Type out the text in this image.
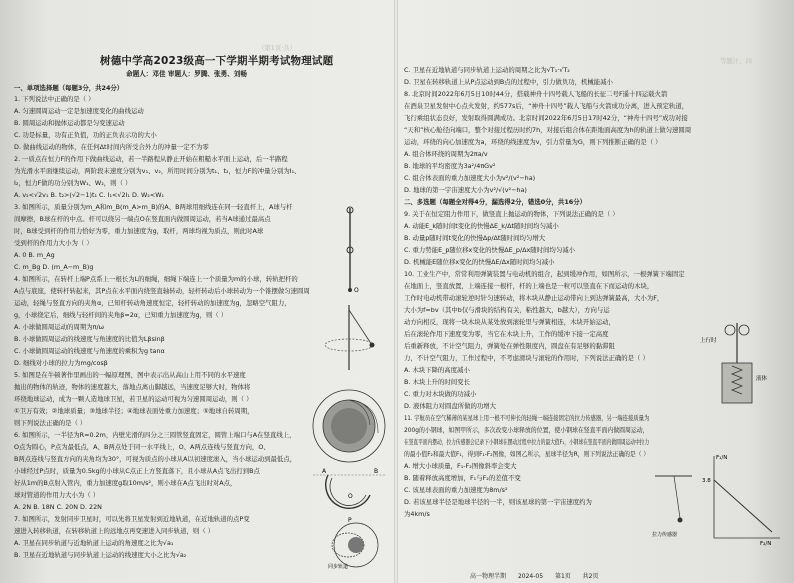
（第1页·共）
树德中学高2023级高一下学期半期考试物理试题
命题人：邓佳 审题人：罗腾、张勇、刘畅
一、单项选择题（每题3分，共24分）
1. 下列说法中正确的是（ ）
A. 匀速圆周运动一定是加速度变化的曲线运动
B. 圆周运动和抛体运动都是匀变速运动
C. 功是标量，功有正负值，功的正负表示功的大小
D. 做曲线运动的物体，在任何Δt时间内所受合外力的冲量一定不为零
2. 一质点在恒力F的作用下做曲线运动，若一半路程从静止开始在粗糙水平面上运动，后一半路程
为光滑水平面继续运动，两阶段末速度分别为v₁、v₂，所用时间分别为t₁、t₂，恒力F的冲量分别为I₁、
I₂，恒力F做的功分别为W₁、W₂，则（ ）
A. v₂<√2v₁ B. t₂>(√2−1)t₁ C. I₁<√2I₁ D. W₂<W₁
3. 如图所示，质量分别为m_A和m_B(m_A>m_B)的A、B两球用细线连在同一轻直杆上，A球与杆
间摩擦，B球在杆的中点。杆可以绕另一端点O在竖直面内做圆周运动，若当A球通过最高点
时，B球受到杆的作用力恰好为零，重力加速度为g，取杆，两球均视为质点，则此时A球
受到杆的作用力大小为（ ）
A. 0 B. m_Ag
C. m_Bg D. (m_A−m_B)g
4. 如图所示，在转杆上端P点系上一根长为L的细绳，细绳下端连上一个质量为m的小球，转轨把杆的
A点与底座，使转杆转起来，其P点在水平面内绕竖直轴转动，轻杆转动后小球转动为一个锥摆做匀速圆周
运动，轻绳与竖直方向的夹角α，已知杆转动角速度恒定，轻杆转动的加速度为g，忽略空气阻力，
g，小球绕定后，细线与轻杆间的夹角β=2α，已知重力加速度为g，则（ ）
A. 小球做圆周运动的周期为π/ω
B. 小球做圆周运动的线速度与角速度的比值为Lβsinβ
C. 小球做圆周运动的线速度与角速度的乘积为g tanα
D. 细线对小球的拉力为mg/cosβ
5. 如图是在牛顿著作里画出的一幅原理图，图中表示出从高山上用不同的水平速度
抛出的物体的轨迹，物体的速度越大，落地点离山脚越远，当速度足够大时，物体将
环绕地球运动，成为一颗人造地球卫星，若卫星的运动可视为匀速圆周运动，则（ ）
①卫万有效；②地球质量；③地球半径；④地球表面处重力加速度；⑤地球自转周期，
则下列说法正确的是（ ）
6. 如图所示，一半径为R=0.2m，内壁光滑的四分之三圆管竖直固定，圆管上端口与A在竖直线上，
O点为圆心，P点为最低点，A、B两点处于同一水平线上，O、A两点连线与竖直方向，O、
B两点连线与竖直方向的夹角均为30°，可视为质点的小球从A以初速度滚入，当小球运动到最低点，
小球经过P点时，质量为0.5kg的小球从C点正上方竖直落下，且小球从A点飞出打到B点
好从1m的B点射入管内，重力加速度g取10m/s²，则小球在A点飞出时对A点，
球对管道的作用力大小为（ ）
A. 2N B. 18N C. 20N D. 22N
7. 如图所示，发射同步卫星时，可以先将卫星发射到近地轨道，在近地轨道的点P变
速进入转移轨道，在转移轨道上的远地点再变速进入同步轨道，则（ ）
A. 卫星在同步轨道与近地轨道上运动的角速度之比为√a₁
B. 卫星在近地轨道与同步轨道上运动的线速度大小之比为√a₂
O
A	B
O
P
同步轨道
等题汁，四
C. 卫星在近地轨道与同步轨道上运动的周期之比为√T₁·√T₂
D. 卫星在转移轨道上从P点运动到B点的过程中，引力做负功，机械能减小
8. 北京时间2022年6月5日10时44分，搭载神舟十四号载人飞船的长征二号F遥十四运载火箭
在酒泉卫星发射中心点火发射，约577s后，“神舟十四号”载人飞船与火箭成功分离，进入预定轨道，
飞行乘组状态良好，发射取得圆满成功。北京时间2022年6月5日17时42分，“神舟十四号”成功对接
“天和”核心舱径向端口，整个对接过程历时约7h，对接后组合体在距地面高度为h的轨道上做匀速圆周
运动，环绕的向心加速度为a，环绕的线速度为v，引力常量为G，则下列推断正确的是（ ）
A. 组合体环绕的周期为2πa/v
B. 地球的平均密度为3a²/4πGv²
C. 组合体表面的重力加速度大小为v²/(v²−ha)
D. 地球的第一宇宙速度大小为v²/√(v²−ha)
二、多选题（每题全对得4分，漏选得2分，错选0分，共16分）
9. 关于在恒定阻力作用下，做竖直上抛运动的物体，下列说法正确的是（ ）
A. 动能E_k随时间t变化的快慢ΔE_k/Δt随时间均匀减小
B. 动量p随时间t变化的快慢Δp/Δt随时间均匀增大
C. 重力势能E_p随位移x变化的快慢ΔE_p/Δx随时间均匀减小
D. 机械能E随位移x变化的快慢ΔE/Δx随时间均匀减小
10. 工业生产中，常常利用弹簧装置与电动机的组合，起到缓冲作用，如图所示，一根弹簧下端固定
在地面上，竖直放置，上端连接一根杆，杆的上端也是一粒可以竖直在下而运动的木块，
工作时电动机带动滚轮逆时针匀速转动，将木块从静止运动带向上到达弹簧最高，大小为F，
大小为f=bv（其中b仅与滑块的结构有关，粘性越大，b越大），方向与运
动方向相反，现将一块木块从某处放到滚轮里与弹簧相连，木块开始运动，
后在滚轮作用下速度变为零，当它在木块上升，工作的缓冲下接一定高度
后重新释放，不计空气阻力，弹簧处在弹性限度内，圆盘在有足够的黏滞阻
力，不计空气阻力，工作过程中，不考虑滑块与滚轮的作用时，下列说法正确的是（ ）
A. 木块下降的高度减小
B. 木块上升的时间变长
C. 重力对木块做的功减小
D. 液体阻力对圆盘所做的功增大
11. 宇航员在空气稀薄的某星球上用一根不可伸长的轻绳一端连接固定的拉力传感器，另一端连接质量为
200g的小钢球，如图甲所示，多次改变小球释放的位置，使小钢球在竖直平面内做圆周运动，
在竖直平面内摆动，拉力传感器会记录下小钢球在摆动过程中拉力的最大值F₁，小钢球在竖直平面内做圆周运动中拉力
的最小值F₂和最大值F₁，得到F₁-F₂图像，如图乙所示，星球半径为R，则下列说法正确的是（ ）
A. 增大小球质量，F₁-F₂图像斜率会变大
B. 随着释放高度增加，F₁与F₂的差值不变
C. 该星球表面的重力加速度为8m/s²
D. 若该星球半径是地球半径的一半，则该星球的第一宇宙速度约为
为4km/s
上行时
液体
拉力传感器
F₁/N
3.8
F₂/N
高一物理半期 2024-05 第1页 共2页
